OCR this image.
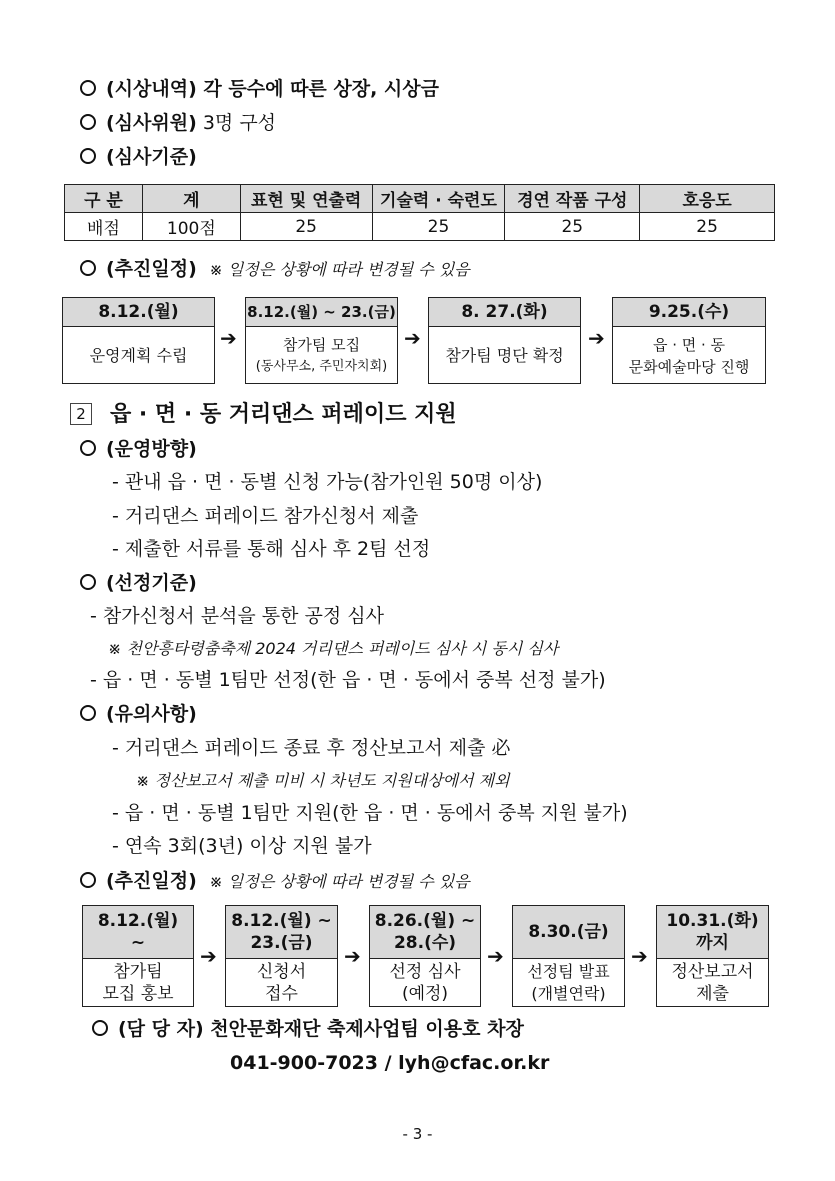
(시상내역) 각 등수에 따른 상장, 시상금
(심사위원) 3명 구성
(심사기준)
구 분	계	표현 및 연출력	기술력 · 숙련도	경연 작품 구성	호응도
배점	100점	25	25	25	25
(추진일정) ※ 일정은 상황에 따라 변경될 수 있음
8.12.(월)
운영계획 수립
➔
8.12.(월) ~ 23.(금)
참가팀 모집
(동사무소, 주민자치회)
➔
8. 27.(화)
참가팀 명단 확정
➔
9.25.(수)
읍 · 면 · 동
문화예술마당 진행
2 읍 · 면 · 동 거리댄스 퍼레이드 지원
(운영방향)
- 관내 읍 · 면 · 동별 신청 가능(참가인원 50명 이상)
- 거리댄스 퍼레이드 참가신청서 제출
- 제출한 서류를 통해 심사 후 2팀 선정
(선정기준)
- 참가신청서 분석을 통한 공정 심사
※ 천안흥타령춤축제 2024 거리댄스 퍼레이드 심사 시 동시 심사
- 읍 · 면 · 동별 1팀만 선정(한 읍 · 면 · 동에서 중복 선정 불가)
(유의사항)
- 거리댄스 퍼레이드 종료 후 정산보고서 제출 必
※ 정산보고서 제출 미비 시 차년도 지원대상에서 제외
- 읍 · 면 · 동별 1팀만 지원(한 읍 · 면 · 동에서 중복 지원 불가)
- 연속 3회(3년) 이상 지원 불가
(추진일정) ※ 일정은 상황에 따라 변경될 수 있음
8.12.(월)
~
참가팀
모집 홍보
➔
8.12.(월) ~
23.(금)
신청서
접수
➔
8.26.(월) ~
28.(수)
선정 심사
(예정)
➔
8.30.(금)
선정팀 발표
(개별연락)
➔
10.31.(화)
까지
정산보고서
제출
(담 당 자) 천안문화재단 축제사업팀 이용호 차장
041-900-7023 / lyh@cfac.or.kr
- 3 -
